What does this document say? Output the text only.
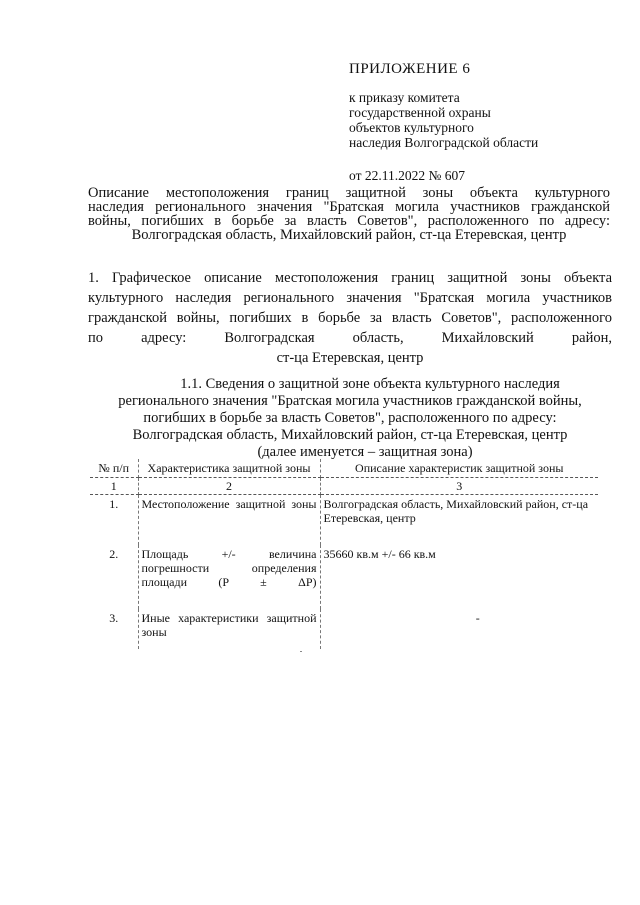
ПРИЛОЖЕНИЕ 6
к приказу комитета
государственной охраны
объектов культурного
наследия Волгоградской области
от 22.11.2022 № 607
Описание местоположения границ защитной зоны объекта культурного
наследия регионального значения "Братская могила участников гражданской
войны, погибших в борьбе за власть Советов", расположенного по адресу:
Волгоградская область, Михайловский район, ст-ца Етеревская, центр
1. Графическое описание местоположения границ защитной зоны объекта
культурного наследия регионального значения "Братская могила участников
гражданской войны, погибших в борьбе за власть Советов", расположенного
по адресу: Волгоградская область, Михайловский район,
ст-ца Етеревская, центр
1.1. Сведения о защитной зоне объекта культурного наследия
регионального значения "Братская могила участников гражданской войны,
погибших в борьбе за власть Советов", расположенного по адресу:
Волгоградская область, Михайловский район, ст-ца Етеревская, центр
(далее именуется – защитная зона)
№ п/п	Характеристика защитной зоны	Описание характеристик защитной зоны
1	2	3
1.	Местоположение защитной зоны	Волгоградская область, Михайловский район, ст-ца Етеревская, центр
2.	Площадь +/- величина погрешности определения площади (P ± ΔP)	35660 кв.м +/- 66 кв.м
3.	Иные характеристики защитной зоны	-
